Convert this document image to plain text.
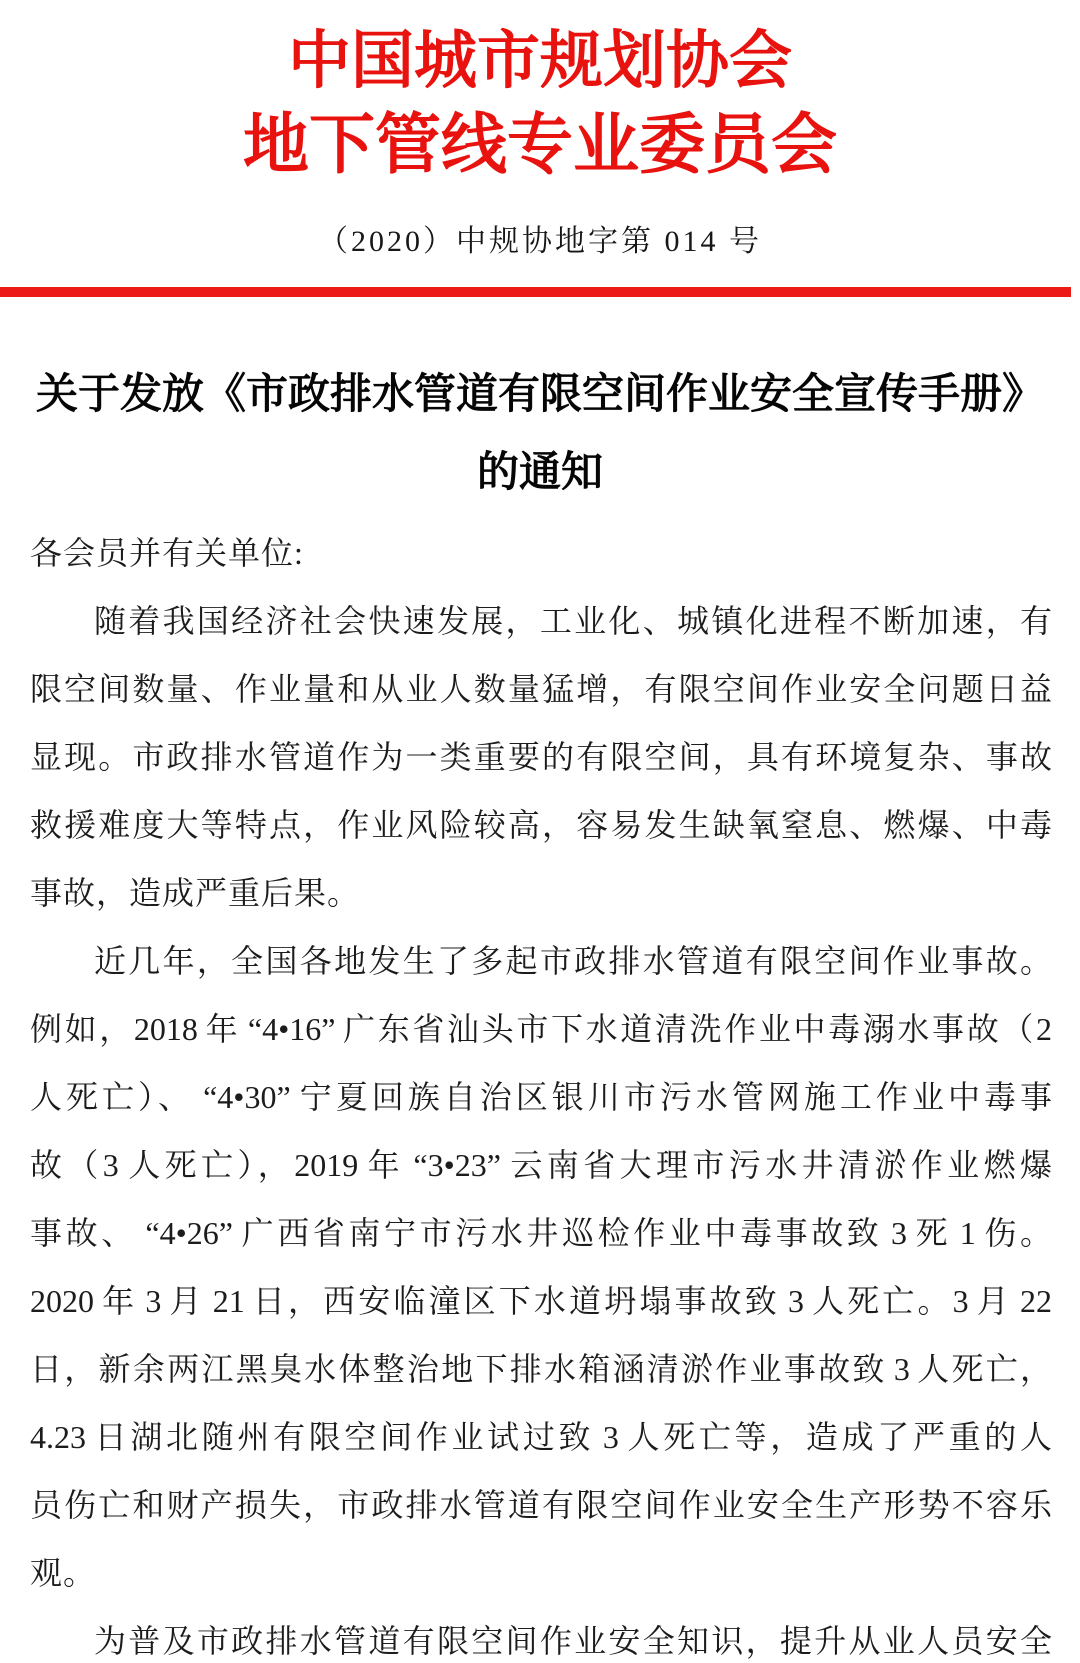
中国城市规划协会
地下管线专业委员会
（2020）中规协地字第 014 号
关于发放《市政排水管道有限空间作业安全宣传手册》
的通知
各会员并有关单位:
随着我国经济社会快速发展，工业化、城镇化进程不断加速，有
限空间数量、作业量和从业人数量猛增，有限空间作业安全问题日益
显现。市政排水管道作为一类重要的有限空间，具有环境复杂、事故
救援难度大等特点，作业风险较高，容易发生缺氧窒息、燃爆、中毒
事故，造成严重后果。
近几年，全国各地发生了多起市政排水管道有限空间作业事故。
例如，2018 年 “4•16” 广东省汕头市下水道清洗作业中毒溺水事故（2
人死亡）、 “4•30” 宁夏回族自治区银川市污水管网施工作业中毒事
故（3 人死亡），2019 年 “3•23” 云南省大理市污水井清淤作业燃爆
事故、 “4•26” 广西省南宁市污水井巡检作业中毒事故致 3 死 1 伤。
2020 年 3 月 21 日，西安临潼区下水道坍塌事故致 3 人死亡。3 月 22
日，新余两江黑臭水体整治地下排水箱涵清淤作业事故致 3 人死亡，
4.23 日湖北随州有限空间作业试过致 3 人死亡等，造成了严重的人
员伤亡和财产损失，市政排水管道有限空间作业安全生产形势不容乐
观。
为普及市政排水管道有限空间作业安全知识，提升从业人员安全
